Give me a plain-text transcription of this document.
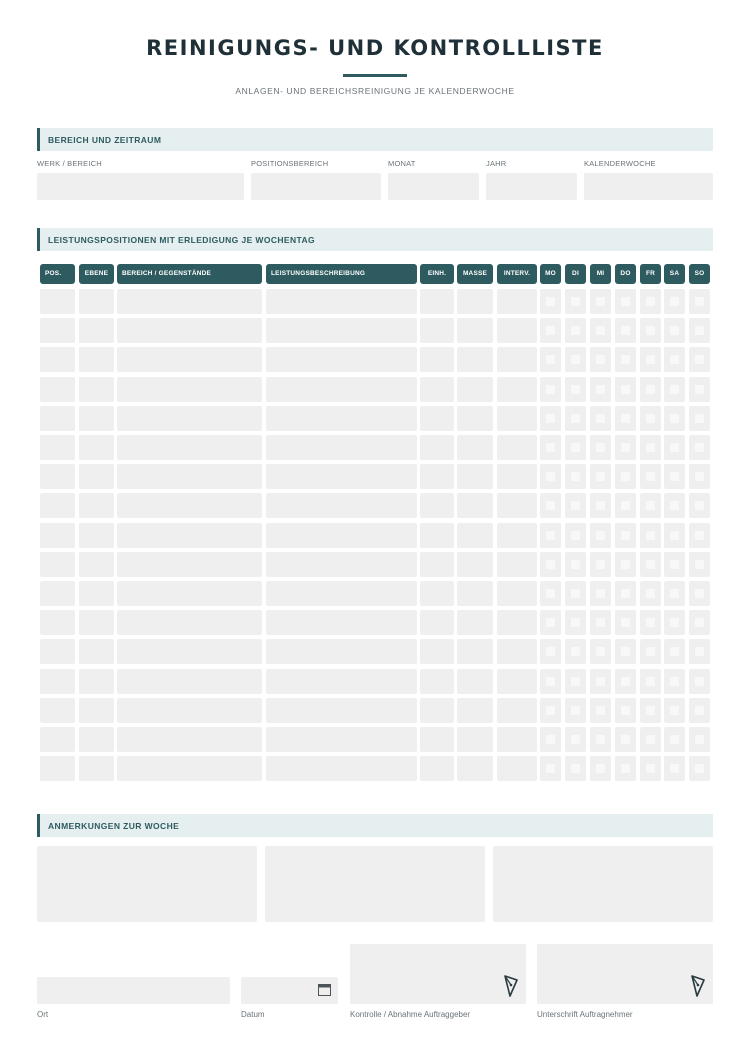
REINIGUNGS- UND KONTROLLLISTE
ANLAGEN- UND BEREICHSREINIGUNG JE KALENDERWOCHE
BEREICH UND ZEITRAUM
WERK / BEREICH	POSITIONSBEREICH	MONAT	JAHR	KALENDERWOCHE
LEISTUNGSPOSITIONEN MIT ERLEDIGUNG JE WOCHENTAG
POS.	EBENE	BEREICH / GEGENSTÄNDE	LEISTUNGSBESCHREIBUNG	EINH.	MASSE	INTERV.	MO	DI	MI	DO	FR	SA	SO
ANMERKUNGEN ZUR WOCHE
Ort	Datum	Kontrolle / Abnahme Auftraggeber	Unterschrift Auftragnehmer
